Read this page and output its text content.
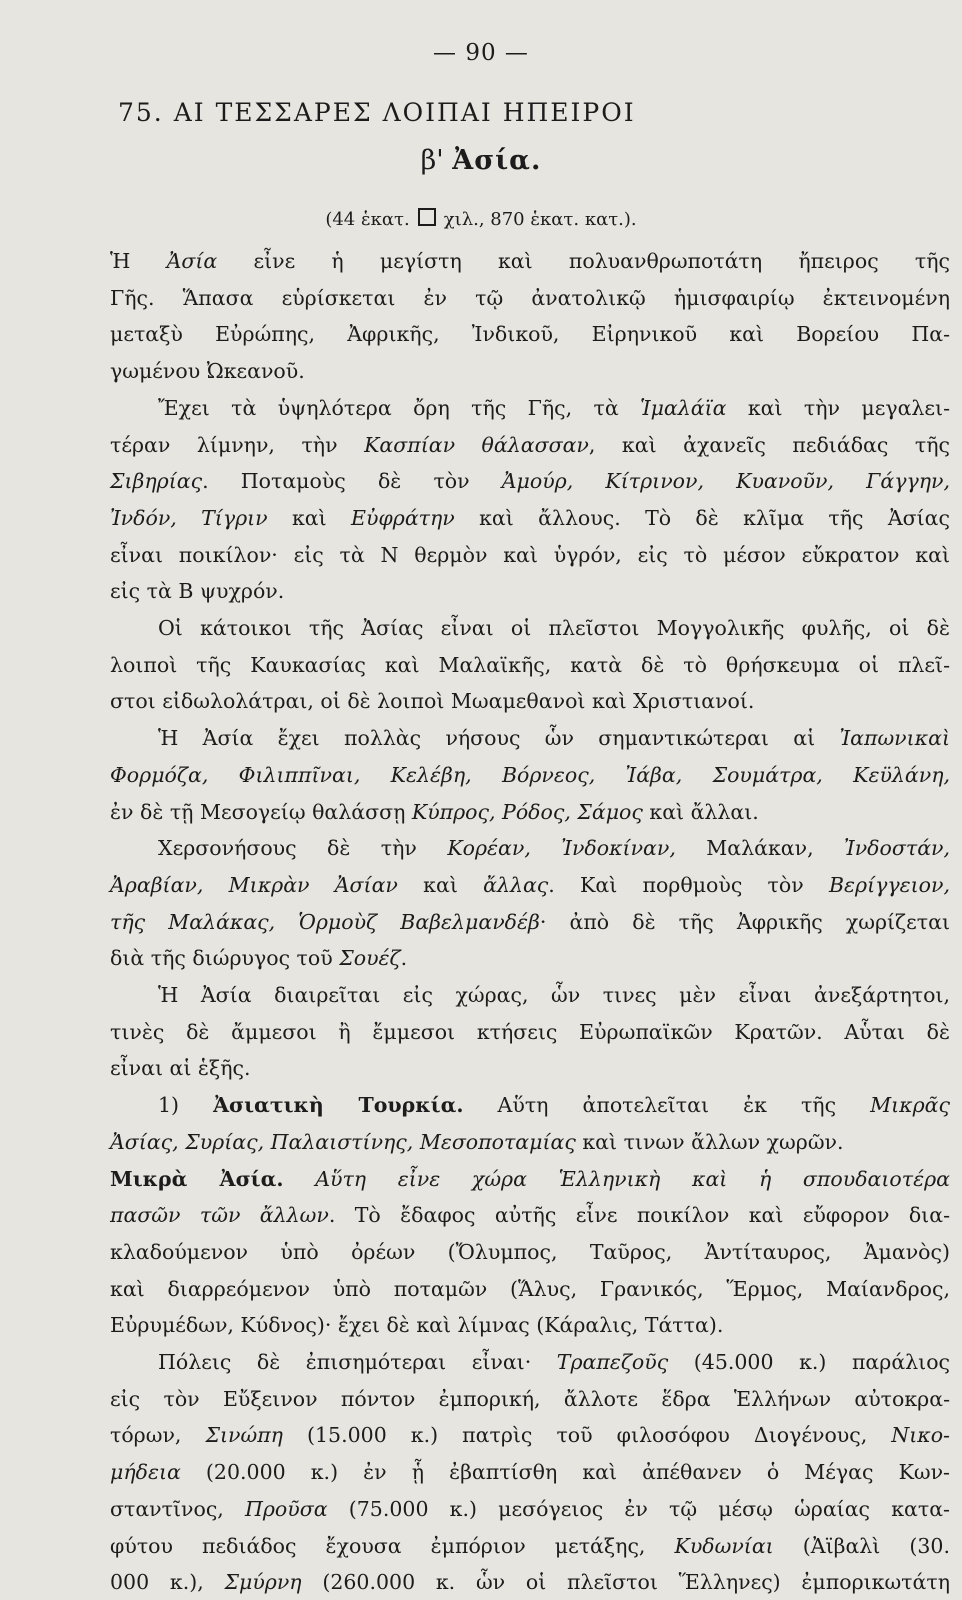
— 90 —
75. ΑΙ ΤΕΣΣΑΡΕΣ ΛΟΙΠΑΙ ΗΠΕΙΡΟΙ
β' Ἀσία.
(44 ἑκατ. χιλ., 870 ἑκατ. κατ.).
Ἡ Ἀσία εἶνε ἡ μεγίστη καὶ πολυανθρωποτάτη ἤπειρος τῆς
Γῆς. Ἅπασα εὑρίσκεται ἐν τῷ ἀνατολικῷ ἡμισφαιρίῳ ἐκτεινομένη
μεταξὺ Εὐρώπης, Ἀφρικῆς, Ἰνδικοῦ, Εἰρηνικοῦ καὶ Βορείου Πα-
γωμένου Ὠκεανοῦ.
Ἔχει τὰ ὑψηλότερα ὄρη τῆς Γῆς, τὰ Ἱμαλάϊα καὶ τὴν μεγαλει-
τέραν λίμνην, τὴν Κασπίαν θάλασσαν, καὶ ἀχανεῖς πεδιάδας τῆς
Σιβηρίας. Ποταμοὺς δὲ τὸν Ἀμούρ, Κίτρινον, Κυανοῦν, Γάγγην,
Ἰνδόν, Τίγριν καὶ Εὐφράτην καὶ ἄλλους. Τὸ δὲ κλῖμα τῆς Ἀσίας
εἶναι ποικίλον· εἰς τὰ Ν θερμὸν καὶ ὑγρόν, εἰς τὸ μέσον εὔκρατον καὶ
εἰς τὰ Β ψυχρόν.
Οἱ κάτοικοι τῆς Ἀσίας εἶναι οἱ πλεῖστοι Μογγολικῆς φυλῆς, οἱ δὲ
λοιποὶ τῆς Καυκασίας καὶ Μαλαϊκῆς, κατὰ δὲ τὸ θρήσκευμα οἱ πλεῖ-
στοι εἰδωλολάτραι, οἱ δὲ λοιποὶ Μωαμεθανοὶ καὶ Χριστιανοί.
Ἡ Ἀσία ἔχει πολλὰς νήσους ὧν σημαντικώτεραι αἱ Ἰαπωνικαὶ
Φορμόζα, Φιλιππῖναι, Κελέβη, Βόρνεος, Ἰάβα, Σουμάτρα, Κεϋλάνη,
ἐν δὲ τῇ Μεσογείῳ θαλάσσῃ Κύπρος, Ρόδος, Σάμος καὶ ἄλλαι.
Χερσονήσους δὲ τὴν Κορέαν, Ἰνδοκίναν, Μαλάκαν, Ἰνδοστάν,
Ἀραβίαν, Μικρὰν Ἀσίαν καὶ ἄλλας. Καὶ πορθμοὺς τὸν Βερίγγειον,
τῆς Μαλάκας, Ὁρμοὺζ Βαβελμανδέβ· ἀπὸ δὲ τῆς Ἀφρικῆς χωρίζεται
διὰ τῆς διώρυγος τοῦ Σουέζ.
Ἡ Ἀσία διαιρεῖται εἰς χώρας, ὧν τινες μὲν εἶναι ἀνεξάρτητοι,
τινὲς δὲ ἄμμεσοι ἢ ἔμμεσοι κτήσεις Εὐρωπαϊκῶν Κρατῶν. Αὗται δὲ
εἶναι αἱ ἑξῆς.
1) Ἀσιατικὴ Τουρκία. Αὕτη ἀποτελεῖται ἐκ τῆς Μικρᾶς
Ἀσίας, Συρίας, Παλαιστίνης, Μεσοποταμίας καὶ τινων ἄλλων χωρῶν.
Μικρὰ Ἀσία. Αὕτη εἶνε χώρα Ἑλληνικὴ καὶ ἡ σπουδαιοτέρα
πασῶν τῶν ἄλλων. Τὸ ἔδαφος αὐτῆς εἶνε ποικίλον καὶ εὔφορον δια-
κλαδούμενον ὑπὸ ὀρέων (Ὄλυμπος, Ταῦρος, Ἀντίταυρος, Ἀμανὸς)
καὶ διαρρεόμενον ὑπὸ ποταμῶν (Ἅλυς, Γρανικός, Ἕρμος, Μαίανδρος,
Εὐρυμέδων, Κύδνος)· ἔχει δὲ καὶ λίμνας (Κάραλις, Τάττα).
Πόλεις δὲ ἐπισημότεραι εἶναι· Τραπεζοῦς (45.000 κ.) παράλιος
εἰς τὸν Εὔξεινον πόντον ἐμπορική, ἄλλοτε ἕδρα Ἑλλήνων αὐτοκρα-
τόρων, Σινώπη (15.000 κ.) πατρὶς τοῦ φιλοσόφου Διογένους, Νικο-
μήδεια (20.000 κ.) ἐν ᾗ ἐβαπτίσθη καὶ ἀπέθανεν ὁ Μέγας Κων-
σταντῖνος, Προῦσα (75.000 κ.) μεσόγειος ἐν τῷ μέσῳ ὡραίας κατα-
φύτου πεδιάδος ἔχουσα ἐμπόριον μετάξης, Κυδωνίαι (Ἀϊβαλὶ (30.
000 κ.), Σμύρνη (260.000 κ. ὧν οἱ πλεῖστοι Ἕλληνες) ἐμπορικωτάτη
